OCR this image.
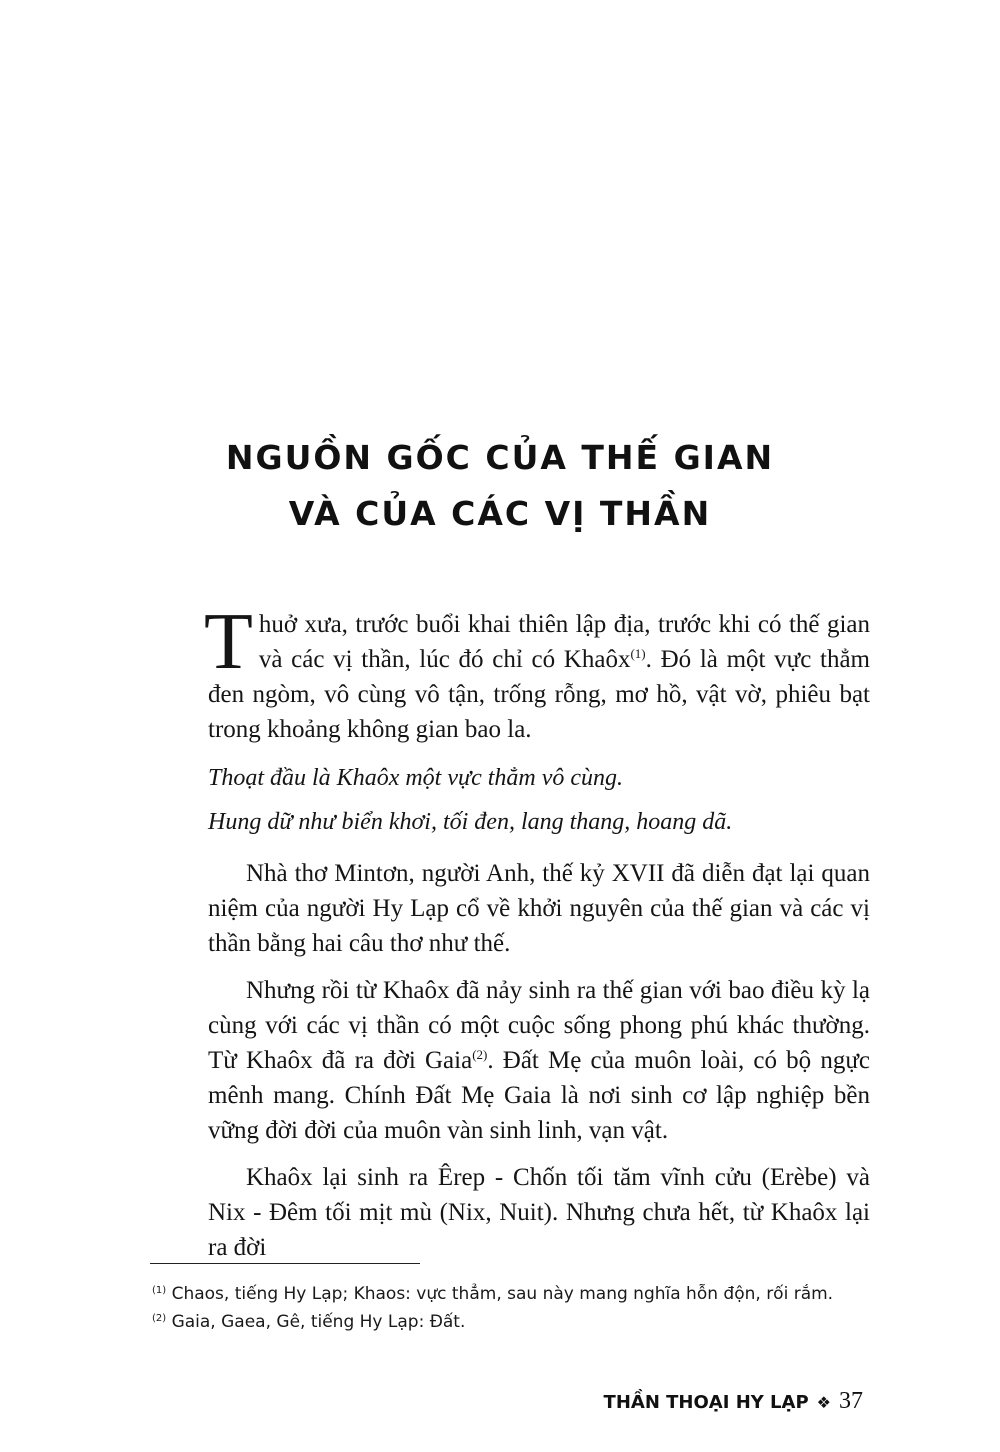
NGUỒN GỐC CỦA THẾ GIAN
VÀ CỦA CÁC VỊ THẦN

Thuở xưa, trước buổi khai thiên lập địa, trước khi có thế gian và các vị thần, lúc đó chỉ có Khaôx$^{(1)}$. Đó là một vực thẳm đen ngòm, vô cùng vô tận, trống rỗng, mơ hồ, vật vờ, phiêu bạt trong khoảng không gian bao la.

Thoạt đầu là Khaôx một vực thẳm vô cùng.

Hung dữ như biển khơi, tối đen, lang thang, hoang dã.

Nhà thơ Mintơn, người Anh, thế kỷ XVII đã diễn đạt lại quan niệm của người Hy Lạp cổ về khởi nguyên của thế gian và các vị thần bằng hai câu thơ như thế.

Nhưng rồi từ Khaôx đã nảy sinh ra thế gian với bao điều kỳ lạ cùng với các vị thần có một cuộc sống phong phú khác thường. Từ Khaôx đã ra đời Gaia$^{(2)}$. Đất Mẹ của muôn loài, có bộ ngực mênh mang. Chính Đất Mẹ Gaia là nơi sinh cơ lập nghiệp bền vững đời đời của muôn vàn sinh linh, vạn vật.

Khaôx lại sinh ra Êrep - Chốn tối tăm vĩnh cửu (Erèbe) và Nix - Đêm tối mịt mù (Nix, Nuit). Nhưng chưa hết, từ Khaôx lại ra đời

$^{(1)}$ Chaos, tiếng Hy Lạp; Khaos: vực thẳm, sau này mang nghĩa hỗn độn, rối rắm.
$^{(2)}$ Gaia, Gaea, Gê, tiếng Hy Lạp: Đất.
THẦN THOẠI HY LẠP ❖ 37
